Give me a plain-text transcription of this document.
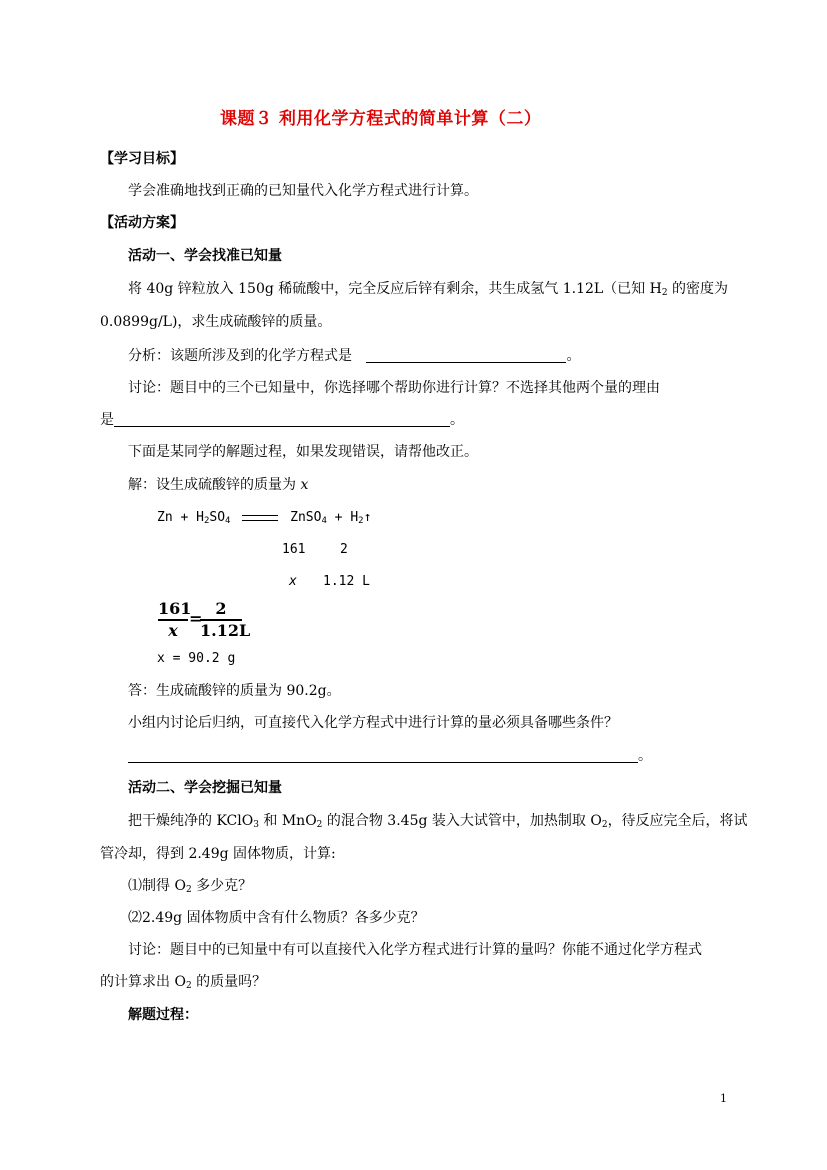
课题３ 利用化学方程式的简单计算（二）
【学习目标】
学会准确地找到正确的已知量代入化学方程式进行计算。
【活动方案】
活动一、学会找准已知量
将 40g 锌粒放入 150g 稀硫酸中，完全反应后锌有剩余，共生成氢气 1.12L（已知 $H_2$ 的密度为
0.0899g/L)，求生成硫酸锌的质量。
分析：该题所涉及到的化学方程式是	。
讨论：题目中的三个已知量中，你选择哪个帮助你进行计算？不选择其他两个量的理由
是	。
下面是某同学的解题过程，如果发现错误，请帮他改正。
解：设生成硫酸锌的质量为 x
$Zn + H_2SO_4$	ZnSO$_4$ + $H_2↑$
161	2
x 1.12 L
161
x
=
2
1.12L
x = 90.2 g
答：生成硫酸锌的质量为 90.2g。
小组内讨论后归纳，可直接代入化学方程式中进行计算的量必须具备哪些条件？
。
活动二、学会挖掘已知量
把干燥纯净的 KClO$_3$ 和 MnO$_2$ 的混合物 3.45g 装入大试管中，加热制取 $O_2$，待反应完全后，将试
管冷却，得到 2.49g 固体物质，计算:
⑴制得 $O_2$ 多少克？
⑵2.49g 固体物质中含有什么物质？各多少克？
讨论：题目中的已知量中有可以直接代入化学方程式进行计算的量吗？你能不通过化学方程式
的计算求出 $O_2$ 的质量吗？
解题过程：
1
